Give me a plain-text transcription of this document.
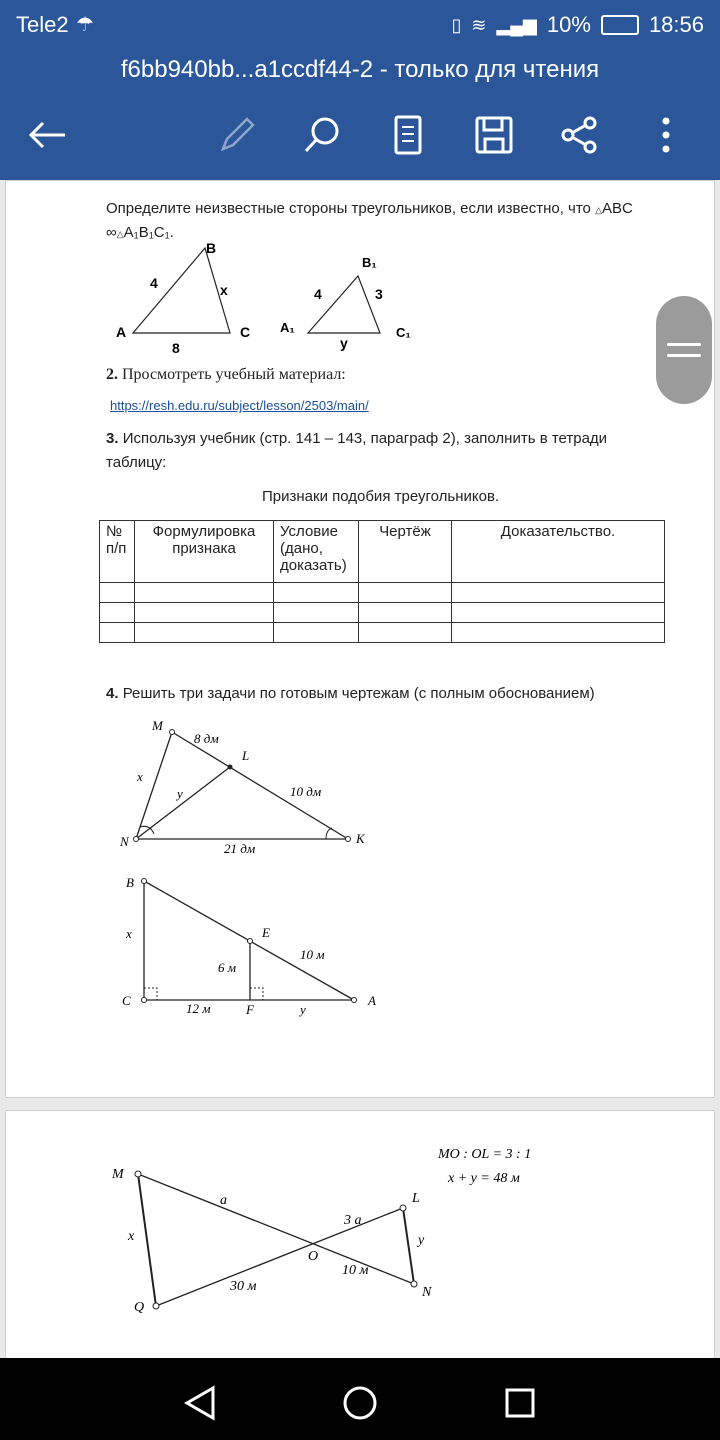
Tele2 ☂	▯ ≋ ▂▄▆ 10%	18:56
f6bb940bb...a1ccdf44-2 - только для чтения
Определите неизвестные стороны треугольников, если известно, что △ABC
∞△A₁B₁C₁.
A
B
C
4	x
8
A₁
B₁
C₁
4	3
y
2. Просмотреть учебный материал:
https://resh.edu.ru/subject/lesson/2503/main/
3. Используя учебник (стр. 141 – 143, параграф 2), заполнить в тетради
таблицу:
Признаки подобия треугольников.
№ п/п	Формулировка признака	Условие (дано, доказать)	Чертёж	Доказательство.

4. Решить три задачи по готовым чертежам (с полным обоснованием)
M
L
N	K
8 дм
10 дм
21 дм
x
y
B
E
C
F
A
x
6 м
10 м
12 м	y
M
L
Q
N
O
a
3 a
x	y
30 м
10 м
MO : OL = 3 : 1
x + y = 48 м
